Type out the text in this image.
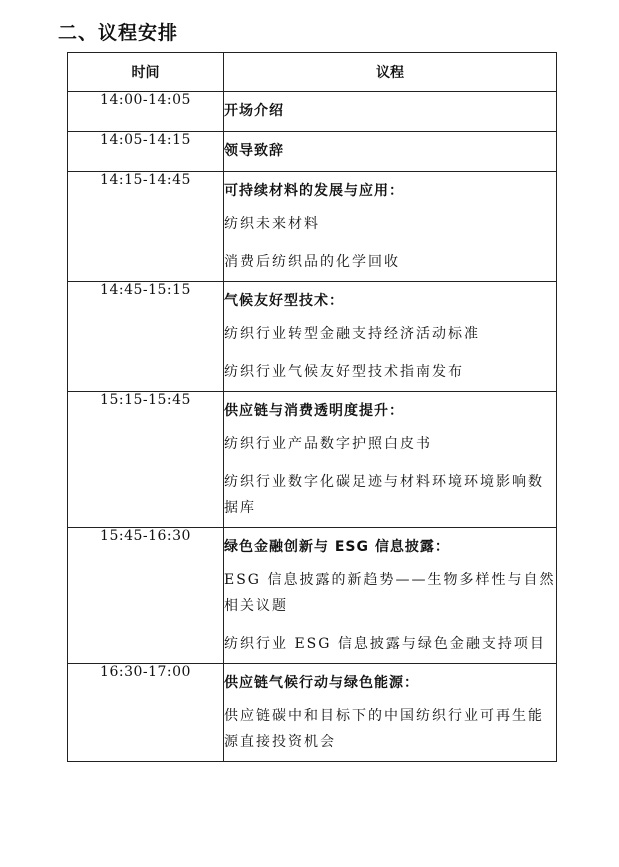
二、议程安排
时间	议程
14:00-14:05	开场介绍

14:05-14:15	领导致辞

14:15-14:45	可持续材料的发展与应用：
纺织未来材料
消费后纺织品的化学回收

14:45-15:15	气候友好型技术：
纺织行业转型金融支持经济活动标准
纺织行业气候友好型技术指南发布

15:15-15:45	供应链与消费透明度提升：
纺织行业产品数字护照白皮书
纺织行业数字化碳足迹与材料环境环境影响数据库

15:45-16:30	绿色金融创新与 ESG 信息披露：
ESG 信息披露的新趋势——生物多样性与自然相关议题
纺织行业 ESG 信息披露与绿色金融支持项目

16:30-17:00	供应链气候行动与绿色能源：
供应链碳中和目标下的中国纺织行业可再生能源直接投资机会
